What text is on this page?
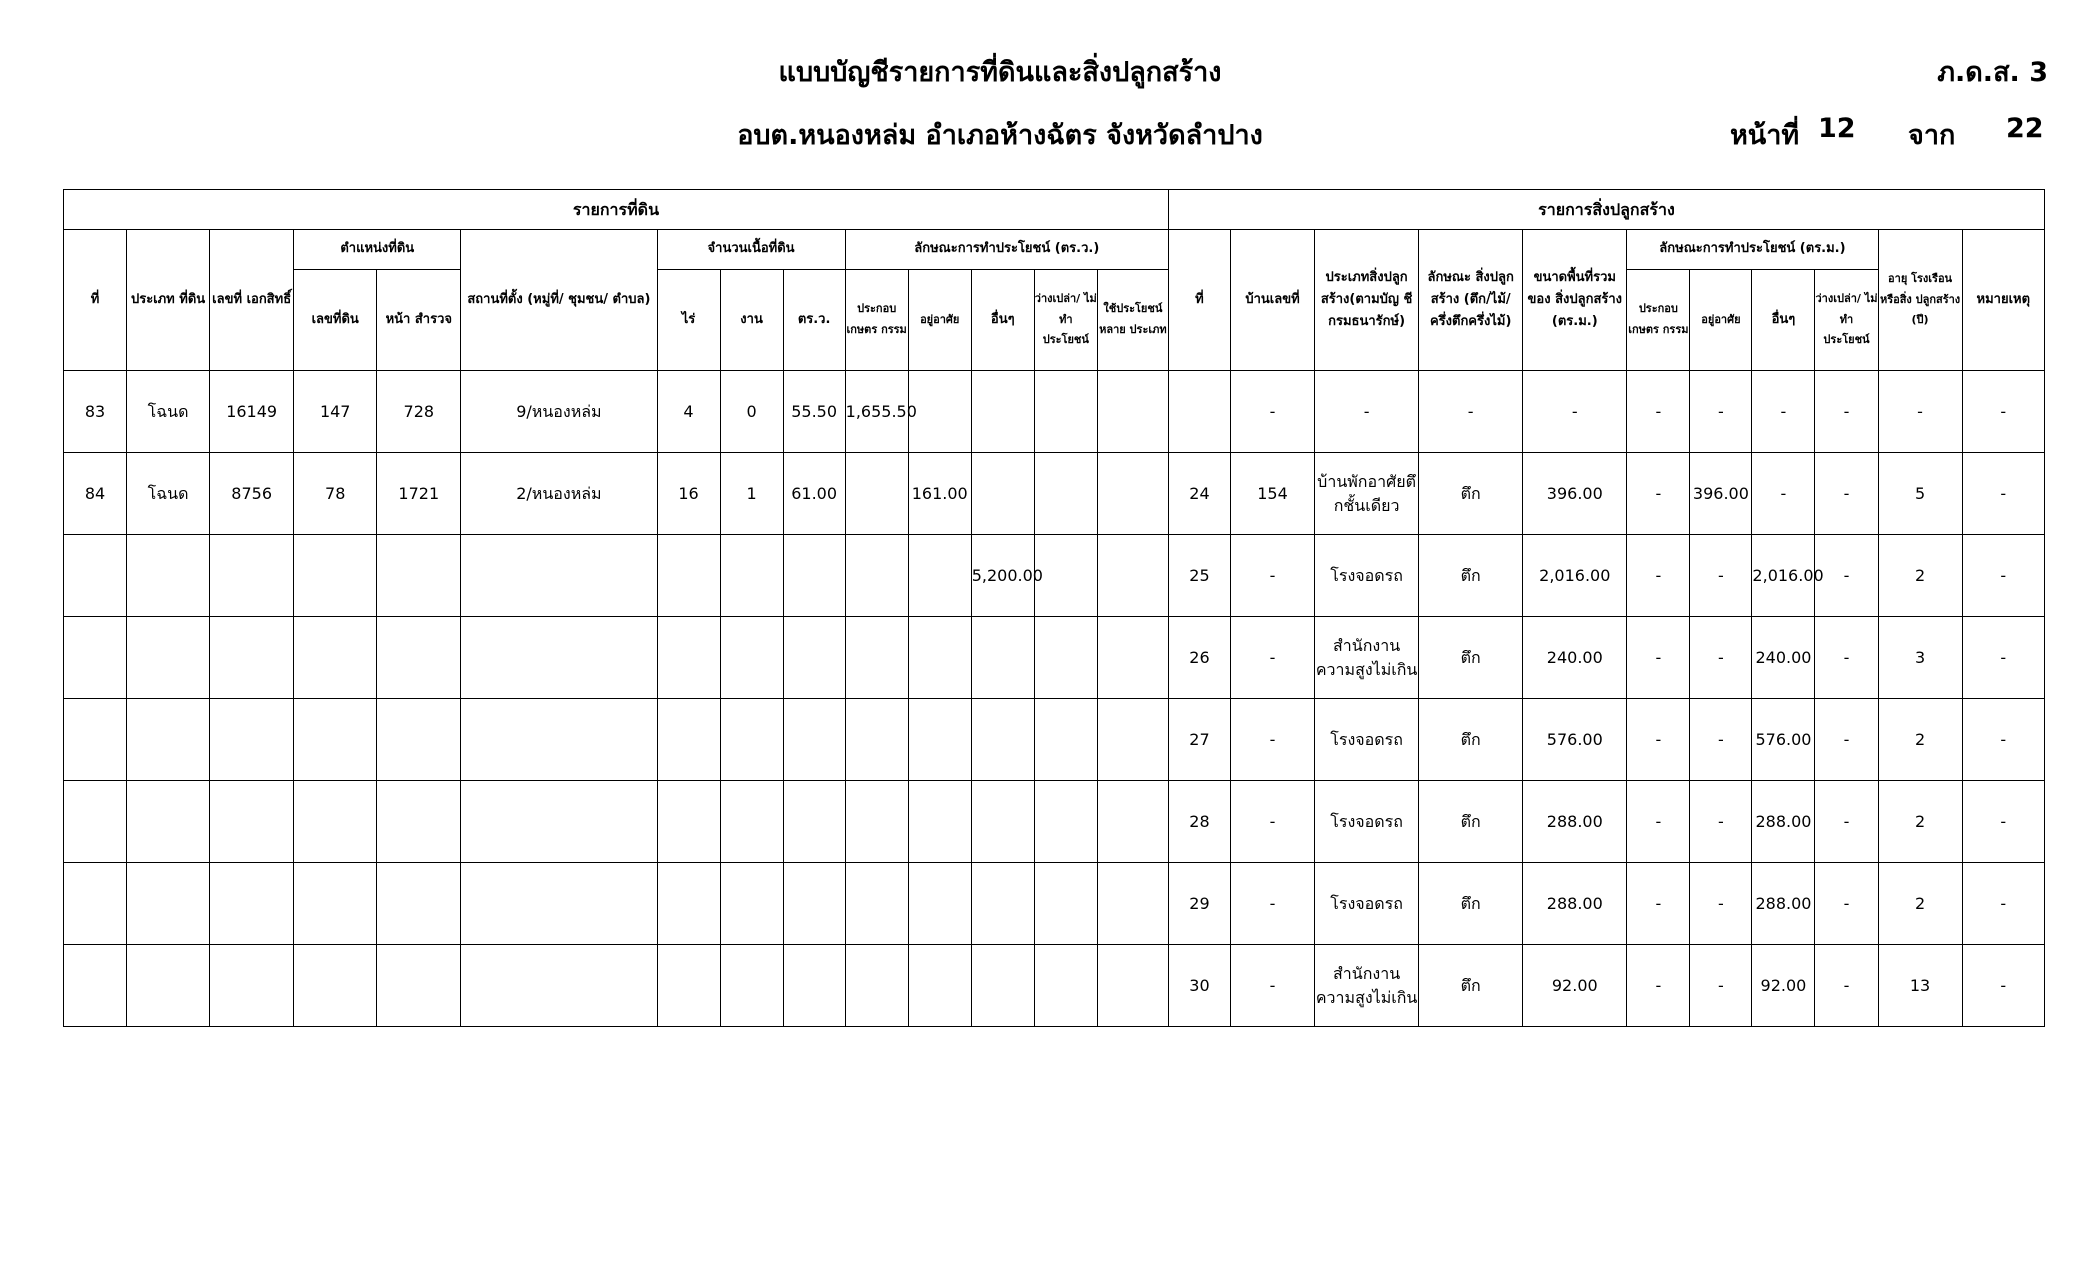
แบบบัญชีรายการที่ดินและสิ่งปลูกสร้าง
อบต.หนองหล่ม อำเภอห้างฉัตร จังหวัดลำปาง
ภ.ด.ส. 3
หน้าที่ 12 จาก 22
รายการที่ดิน														รายการสิ่งปลูกสร้าง										
ที่	ประเภท ที่ดิน	เลขที่ เอกสิทธิ์	ตำแหน่งที่ดิน		สถานที่ตั้ง (หมู่ที่/ ชุมชน/ ตำบล)	จำนวนเนื้อที่ดิน			ลักษณะการทำประโยชน์ (ตร.ว.)					ที่	บ้านเลขที่	ประเภทสิ่งปลูก สร้าง(ตามบัญ ชีกรมธนารักษ์)	ลักษณะ สิ่งปลูกสร้าง (ตึก/ไม้/ ครึ่งตึกครึ่งไม้)	ขนาดพื้นที่รวม ของ สิ่งปลูกสร้าง (ตร.ม.)	ลักษณะการทำประโยชน์ (ตร.ม.)				อายุ โรงเรือน หรือสิ่ง ปลูกสร้าง (ปี)	หมายเหตุ
			เลขที่ดิน	หน้า สำรวจ		ไร่	งาน	ตร.ว.	ประกอบ เกษตร กรรม	อยู่อาศัย	อื่นๆ	ว่างเปล่า/ ไม่ทำ ประโยชน์	ใช้ประโยชน์ หลาย ประเภท						ประกอบ เกษตร กรรม	อยู่อาศัย	อื่นๆ	ว่างเปล่า/ ไม่ทำ ประโยชน์		
83	โฉนด	16149	147	728	9/หนองหล่ม	4	0	55.50	1,655.50						-	-	-	-	-	-	-	-	-	-
84	โฉนด	8756	78	1721	2/หนองหล่ม	16	1	61.00		161.00				24	154	บ้านพักอาศัยตึ กชั้นเดียว	ตึก	396.00	-	396.00	-	-	5	-
											5,200.00			25	-	โรงจอดรถ	ตึก	2,016.00	-	-	2,016.00	-	2	-
														26	-	สำนักงาน ความสูงไม่เกิน	ตึก	240.00	-	-	240.00	-	3	-
														27	-	โรงจอดรถ	ตึก	576.00	-	-	576.00	-	2	-
														28	-	โรงจอดรถ	ตึก	288.00	-	-	288.00	-	2	-
														29	-	โรงจอดรถ	ตึก	288.00	-	-	288.00	-	2	-
														30	-	สำนักงาน ความสูงไม่เกิน	ตึก	92.00	-	-	92.00	-	13	-
